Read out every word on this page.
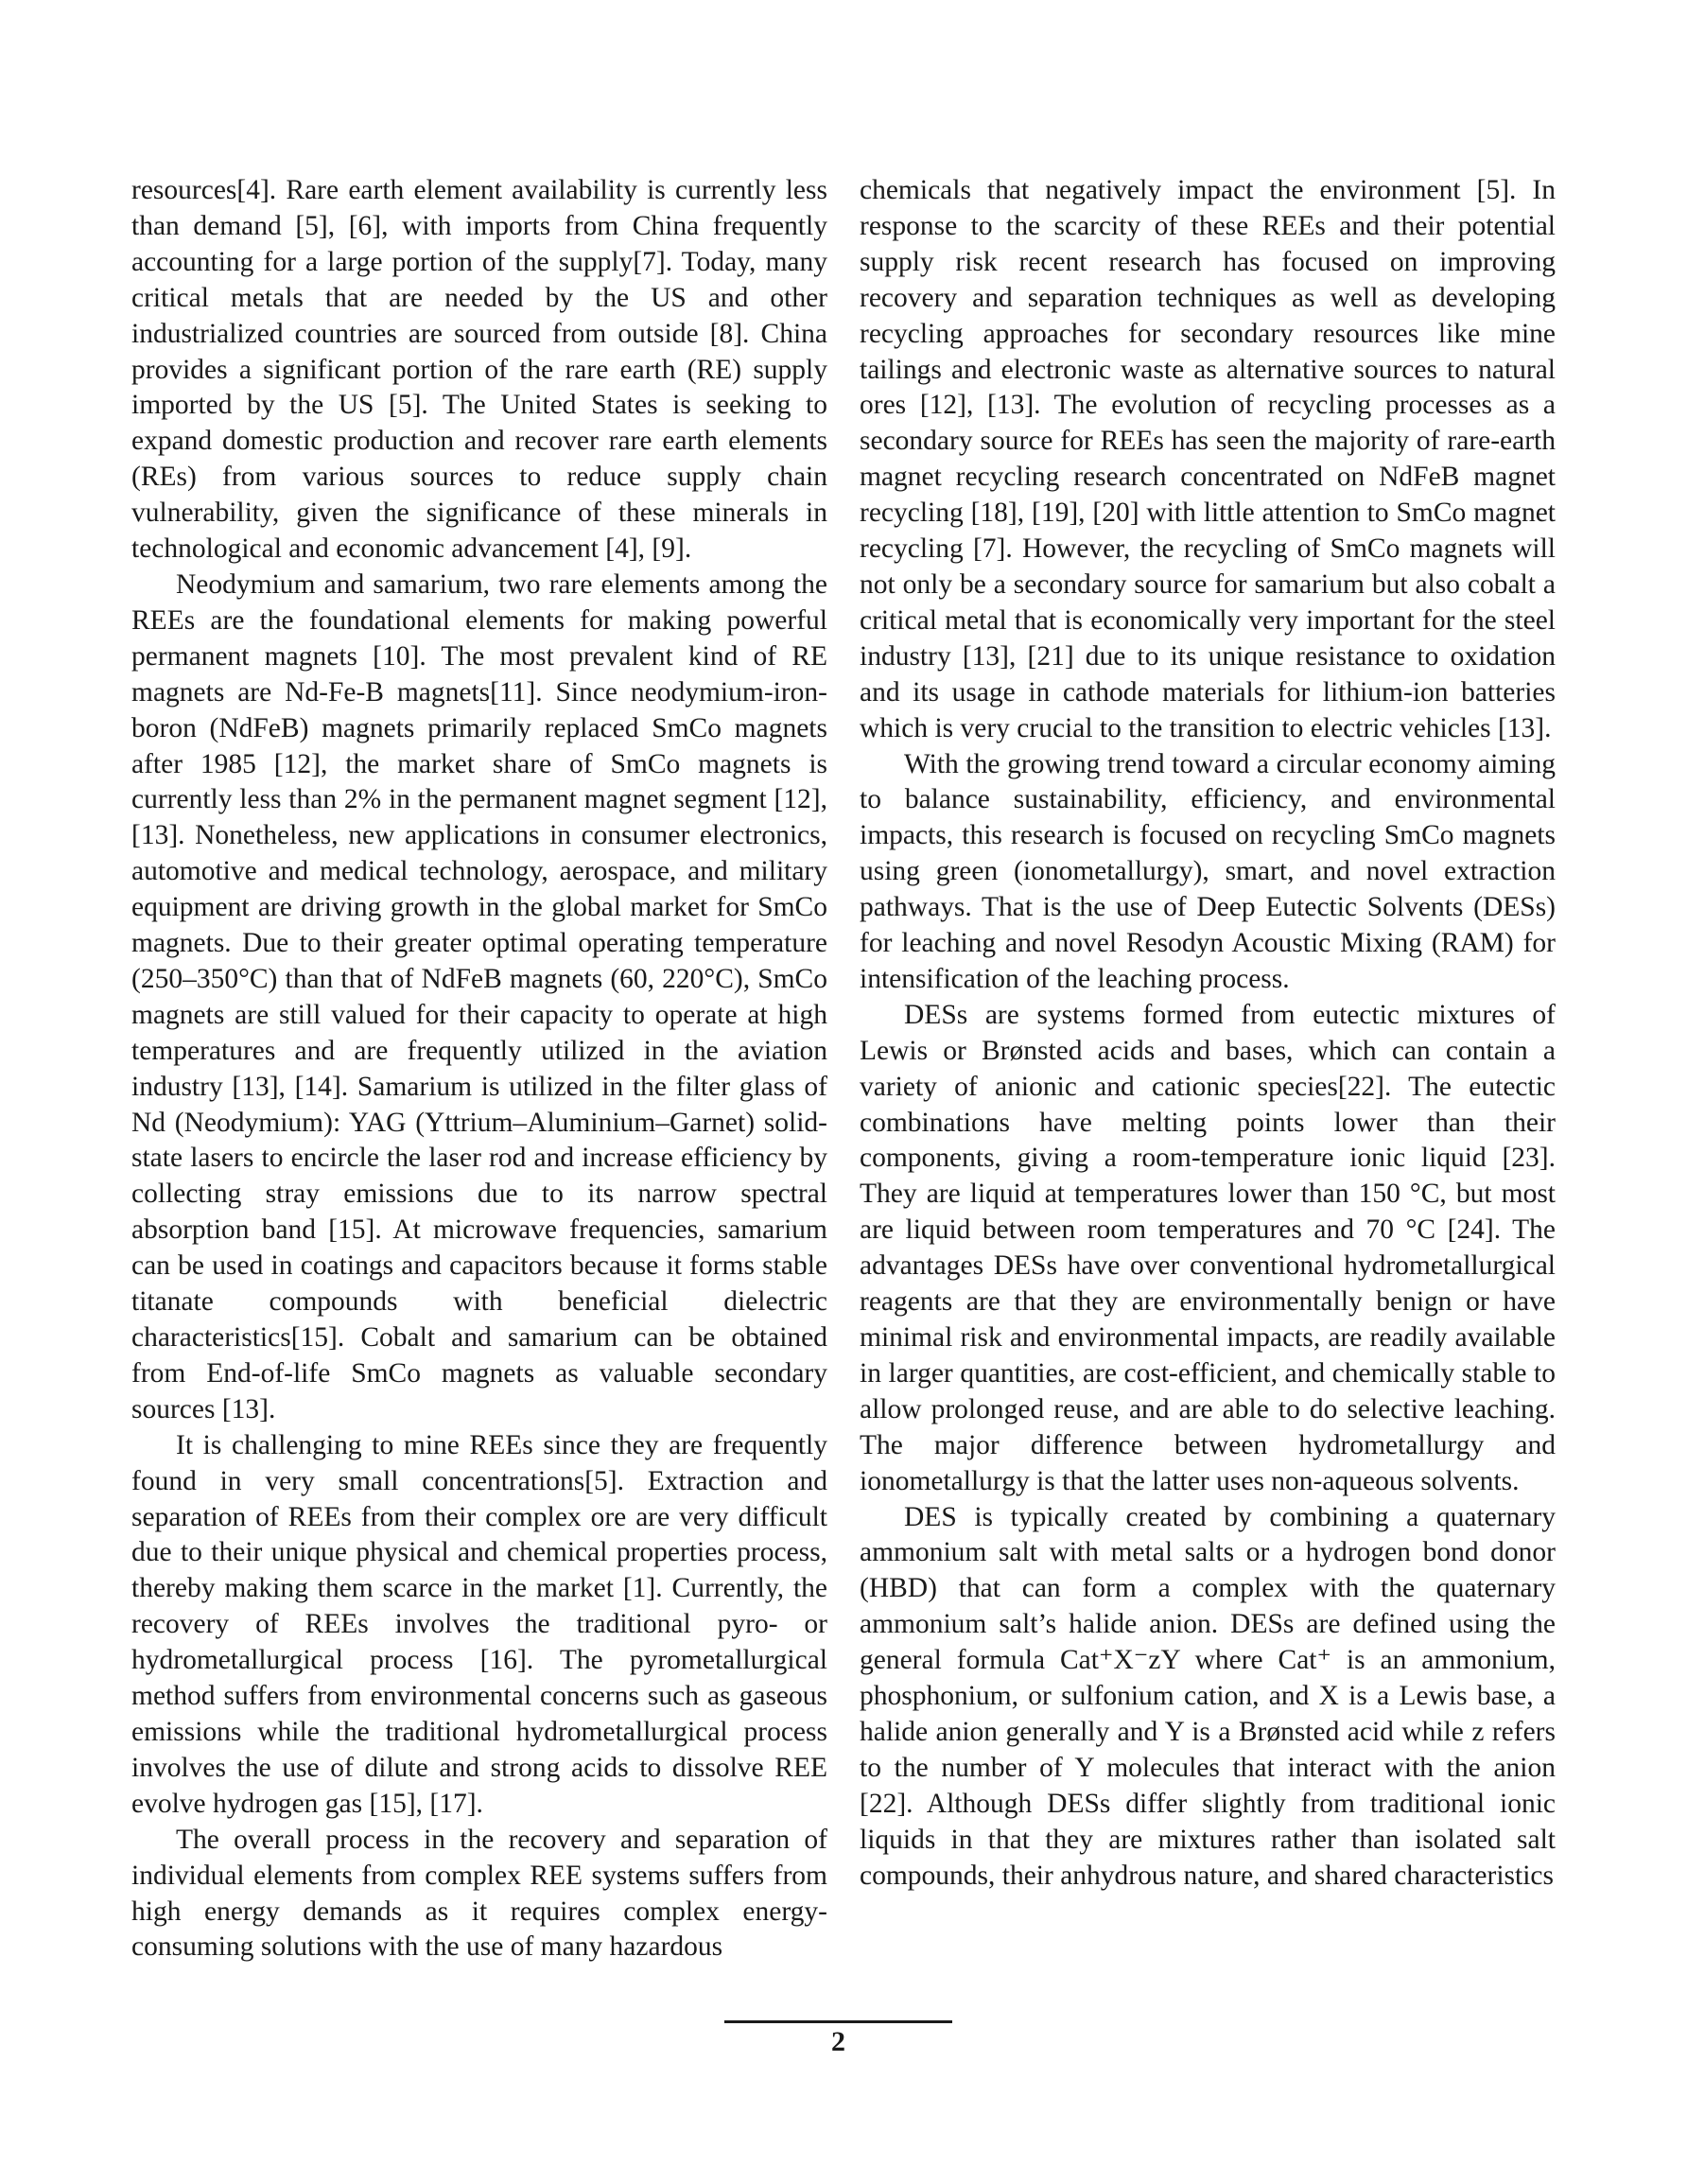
resources[4]. Rare earth element availability is currently less than demand [5], [6], with imports from China frequently accounting for a large portion of the supply[7]. Today, many critical metals that are needed by the US and other industrialized countries are sourced from outside [8]. China provides a significant portion of the rare earth (RE) supply imported by the US [5]. The United States is seeking to expand domestic production and recover rare earth elements (REs) from various sources to reduce supply chain vulnerability, given the significance of these minerals in technological and economic advancement [4], [9].

Neodymium and samarium, two rare elements among the REEs are the foundational elements for making powerful permanent magnets [10]. The most prevalent kind of RE magnets are Nd-Fe-B magnets[11]. Since neodymium-iron-boron (NdFeB) magnets primarily replaced SmCo magnets after 1985 [12], the market share of SmCo magnets is currently less than 2% in the permanent magnet segment [12], [13]. Nonetheless, new applications in consumer electronics, automotive and medical technology, aerospace, and military equipment are driving growth in the global market for SmCo magnets. Due to their greater optimal operating temperature (250–350°C) than that of NdFeB magnets (60, 220°C), SmCo magnets are still valued for their capacity to operate at high temperatures and are frequently utilized in the aviation industry [13], [14]. Samarium is utilized in the filter glass of Nd (Neodymium): YAG (Yttrium–Aluminium–Garnet) solid-state lasers to encircle the laser rod and increase efficiency by collecting stray emissions due to its narrow spectral absorption band [15]. At microwave frequencies, samarium can be used in coatings and capacitors because it forms stable titanate compounds with beneficial dielectric characteristics[15]. Cobalt and samarium can be obtained from End-of-life SmCo magnets as valuable secondary sources [13].

It is challenging to mine REEs since they are frequently found in very small concentrations[5]. Extraction and separation of REEs from their complex ore are very difficult due to their unique physical and chemical properties process, thereby making them scarce in the market [1]. Currently, the recovery of REEs involves the traditional pyro- or hydrometallurgical process [16]. The pyrometallurgical method suffers from environmental concerns such as gaseous emissions while the traditional hydrometallurgical process involves the use of dilute and strong acids to dissolve REE evolve hydrogen gas [15], [17].

The overall process in the recovery and separation of individual elements from complex REE systems suffers from high energy demands as it requires complex energy-consuming solutions with the use of many hazardous

chemicals that negatively impact the environment [5]. In response to the scarcity of these REEs and their potential supply risk recent research has focused on improving recovery and separation techniques as well as developing recycling approaches for secondary resources like mine tailings and electronic waste as alternative sources to natural ores [12], [13]. The evolution of recycling processes as a secondary source for REEs has seen the majority of rare-earth magnet recycling research concentrated on NdFeB magnet recycling [18], [19], [20] with little attention to SmCo magnet recycling [7]. However, the recycling of SmCo magnets will not only be a secondary source for samarium but also cobalt a critical metal that is economically very important for the steel industry [13], [21] due to its unique resistance to oxidation and its usage in cathode materials for lithium-ion batteries which is very crucial to the transition to electric vehicles [13].

With the growing trend toward a circular economy aiming to balance sustainability, efficiency, and environmental impacts, this research is focused on recycling SmCo magnets using green (ionometallurgy), smart, and novel extraction pathways. That is the use of Deep Eutectic Solvents (DESs) for leaching and novel Resodyn Acoustic Mixing (RAM) for intensification of the leaching process.

DESs are systems formed from eutectic mixtures of Lewis or Brønsted acids and bases, which can contain a variety of anionic and cationic species[22]. The eutectic combinations have melting points lower than their components, giving a room-temperature ionic liquid [23]. They are liquid at temperatures lower than 150 °C, but most are liquid between room temperatures and 70 °C [24]. The advantages DESs have over conventional hydrometallurgical reagents are that they are environmentally benign or have minimal risk and environmental impacts, are readily available in larger quantities, are cost-efficient, and chemically stable to allow prolonged reuse, and are able to do selective leaching. The major difference between hydrometallurgy and ionometallurgy is that the latter uses non-aqueous solvents.

DES is typically created by combining a quaternary ammonium salt with metal salts or a hydrogen bond donor (HBD) that can form a complex with the quaternary ammonium salt’s halide anion. DESs are defined using the general formula Cat⁺X⁻zY where Cat⁺ is an ammonium, phosphonium, or sulfonium cation, and X is a Lewis base, a halide anion generally and Y is a Brønsted acid while z refers to the number of Y molecules that interact with the anion [22]. Although DESs differ slightly from traditional ionic liquids in that they are mixtures rather than isolated salt compounds, their anhydrous nature, and shared characteristics

2
